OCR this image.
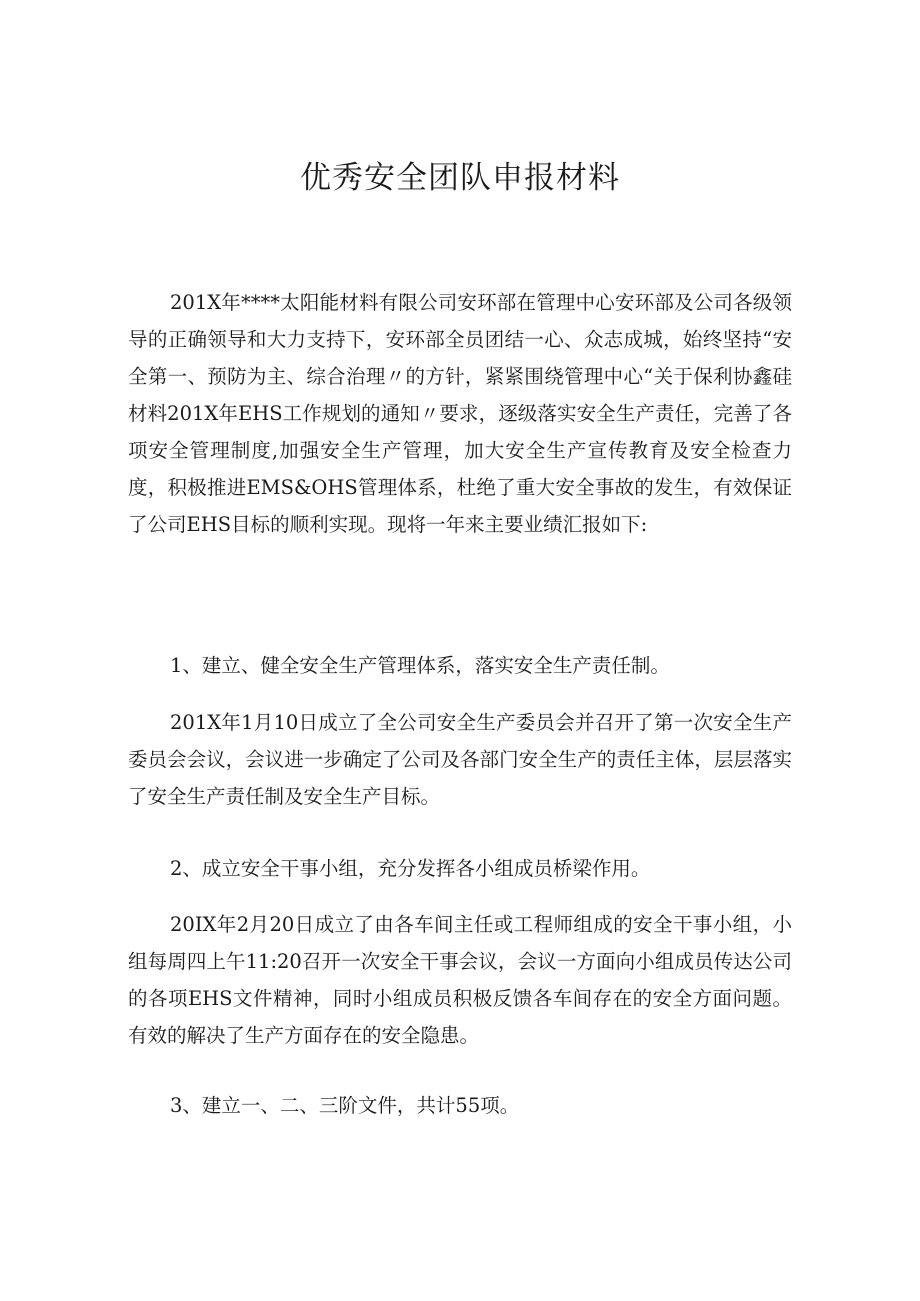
优秀安全团队申报材料

201X年****太阳能材料有限公司安环部在管理中心安环部及公司各级领导的正确领导和大力支持下，安环部全员团结一心、众志成城，始终坚持“安全第一、预防为主、综合治理〃的方针，紧紧围绕管理中心“关于保利协鑫硅材料201X年EHS工作规划的通知〃要求，逐级落实安全生产责任，完善了各项安全管理制度,加强安全生产管理，加大安全生产宣传教育及安全检查力度，积极推进EMS&OHS管理体系，杜绝了重大安全事故的发生，有效保证了公司EHS目标的顺利实现。现将一年来主要业绩汇报如下:

1、建立、健全安全生产管理体系，落实安全生产责任制。

201X年1月10日成立了全公司安全生产委员会并召开了第一次安全生产委员会会议，会议进一步确定了公司及各部门安全生产的责任主体，层层落实了安全生产责任制及安全生产目标。

2、成立安全干事小组，充分发挥各小组成员桥梁作用。

20IX年2月20日成立了由各车间主任或工程师组成的安全干事小组，小组每周四上午11:20召开一次安全干事会议，会议一方面向小组成员传达公司的各项EHS文件精神，同时小组成员积极反馈各车间存在的安全方面问题。有效的解决了生产方面存在的安全隐患。

3、建立一、二、三阶文件，共计55项。
